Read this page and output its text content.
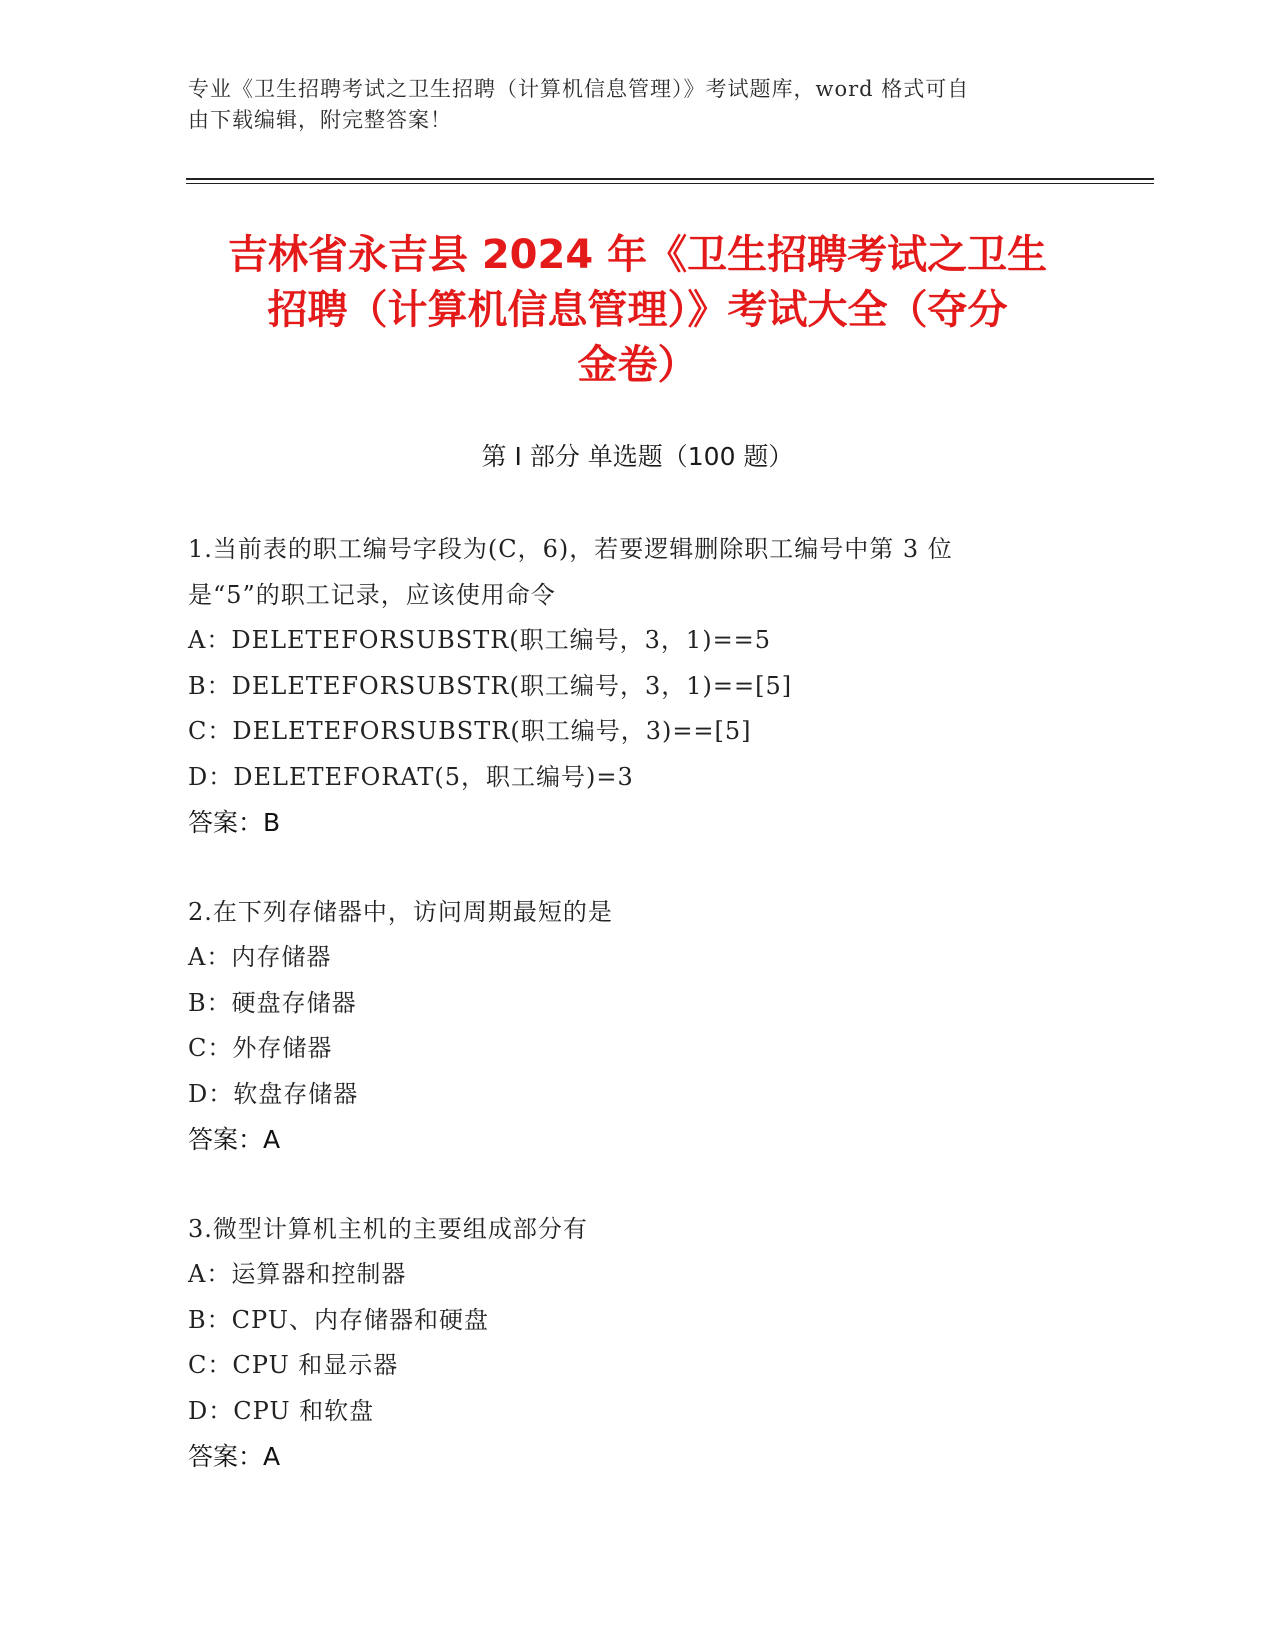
专业《卫生招聘考试之卫生招聘（计算机信息管理）》考试题库，word 格式可自
由下载编辑，附完整答案！
吉林省永吉县 2024 年《卫生招聘考试之卫生
招聘（计算机信息管理）》考试大全（夺分
金卷）
第 I 部分 单选题（100 题）
1.当前表的职工编号字段为(C，6)，若要逻辑删除职工编号中第 3 位
是“5”的职工记录，应该使用命令
A：DELETEFORSUBSTR(职工编号，3，1)==5
B：DELETEFORSUBSTR(职工编号，3，1)==[5]
C：DELETEFORSUBSTR(职工编号，3)==[5]
D：DELETEFORAT(5，职工编号)=3
答案：B
2.在下列存储器中，访问周期最短的是
A：内存储器
B：硬盘存储器
C：外存储器
D：软盘存储器
答案：A
3.微型计算机主机的主要组成部分有
A：运算器和控制器
B：CPU、内存储器和硬盘
C：CPU 和显示器
D：CPU 和软盘
答案：A
